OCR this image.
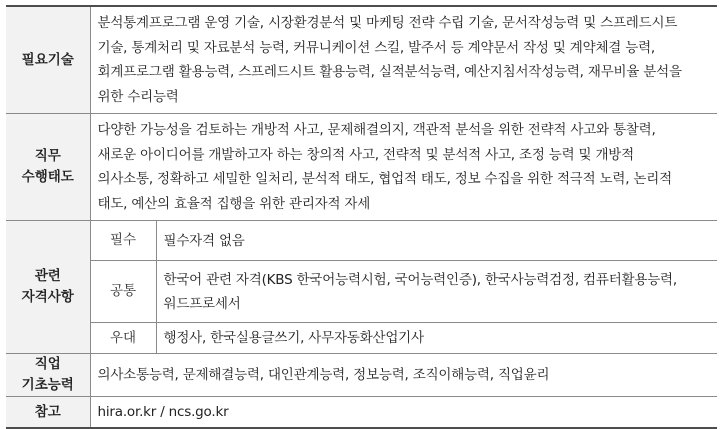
필요기술	분석통계프로그램 운영 기술, 시장환경분석 및 마케팅 전략 수립 기술, 문서작성능력 및 스프레드시트
기술, 통계처리 및 자료분석 능력, 커뮤니케이션 스킬, 발주서 등 계약문서 작성 및 계약체결 능력,
회계프로그램 활용능력, 스프레드시트 활용능력, 실적분석능력, 예산지침서작성능력, 재무비율 분석을
위한 수리능력	

직무
수행태도	다양한 가능성을 검토하는 개방적 사고, 문제해결의지, 객관적 분석을 위한 전략적 사고와 통찰력,
새로운 아이디어를 개발하고자 하는 창의적 사고, 전략적 및 분석적 사고, 조정 능력 및 개방적
의사소통, 정확하고 세밀한 일처리, 분석적 태도, 협업적 태도, 정보 수집을 위한 적극적 노력, 논리적
태도, 예산의 효율적 집행을 위한 관리자적 자세	

관련
자격사항	필수	필수자격 없음

	공통	한국어 관련 자격(KBS 한국어능력시험, 국어능력인증), 한국사능력검정, 컴퓨터활용능력,
워드프로세서

	우대	행정사, 한국실용글쓰기, 사무자동화산업기사

직업
기초능력	의사소통능력, 문제해결능력, 대인관계능력, 정보능력, 조직이해능력, 직업윤리	

참고	hira.or.kr / ncs.go.kr	
